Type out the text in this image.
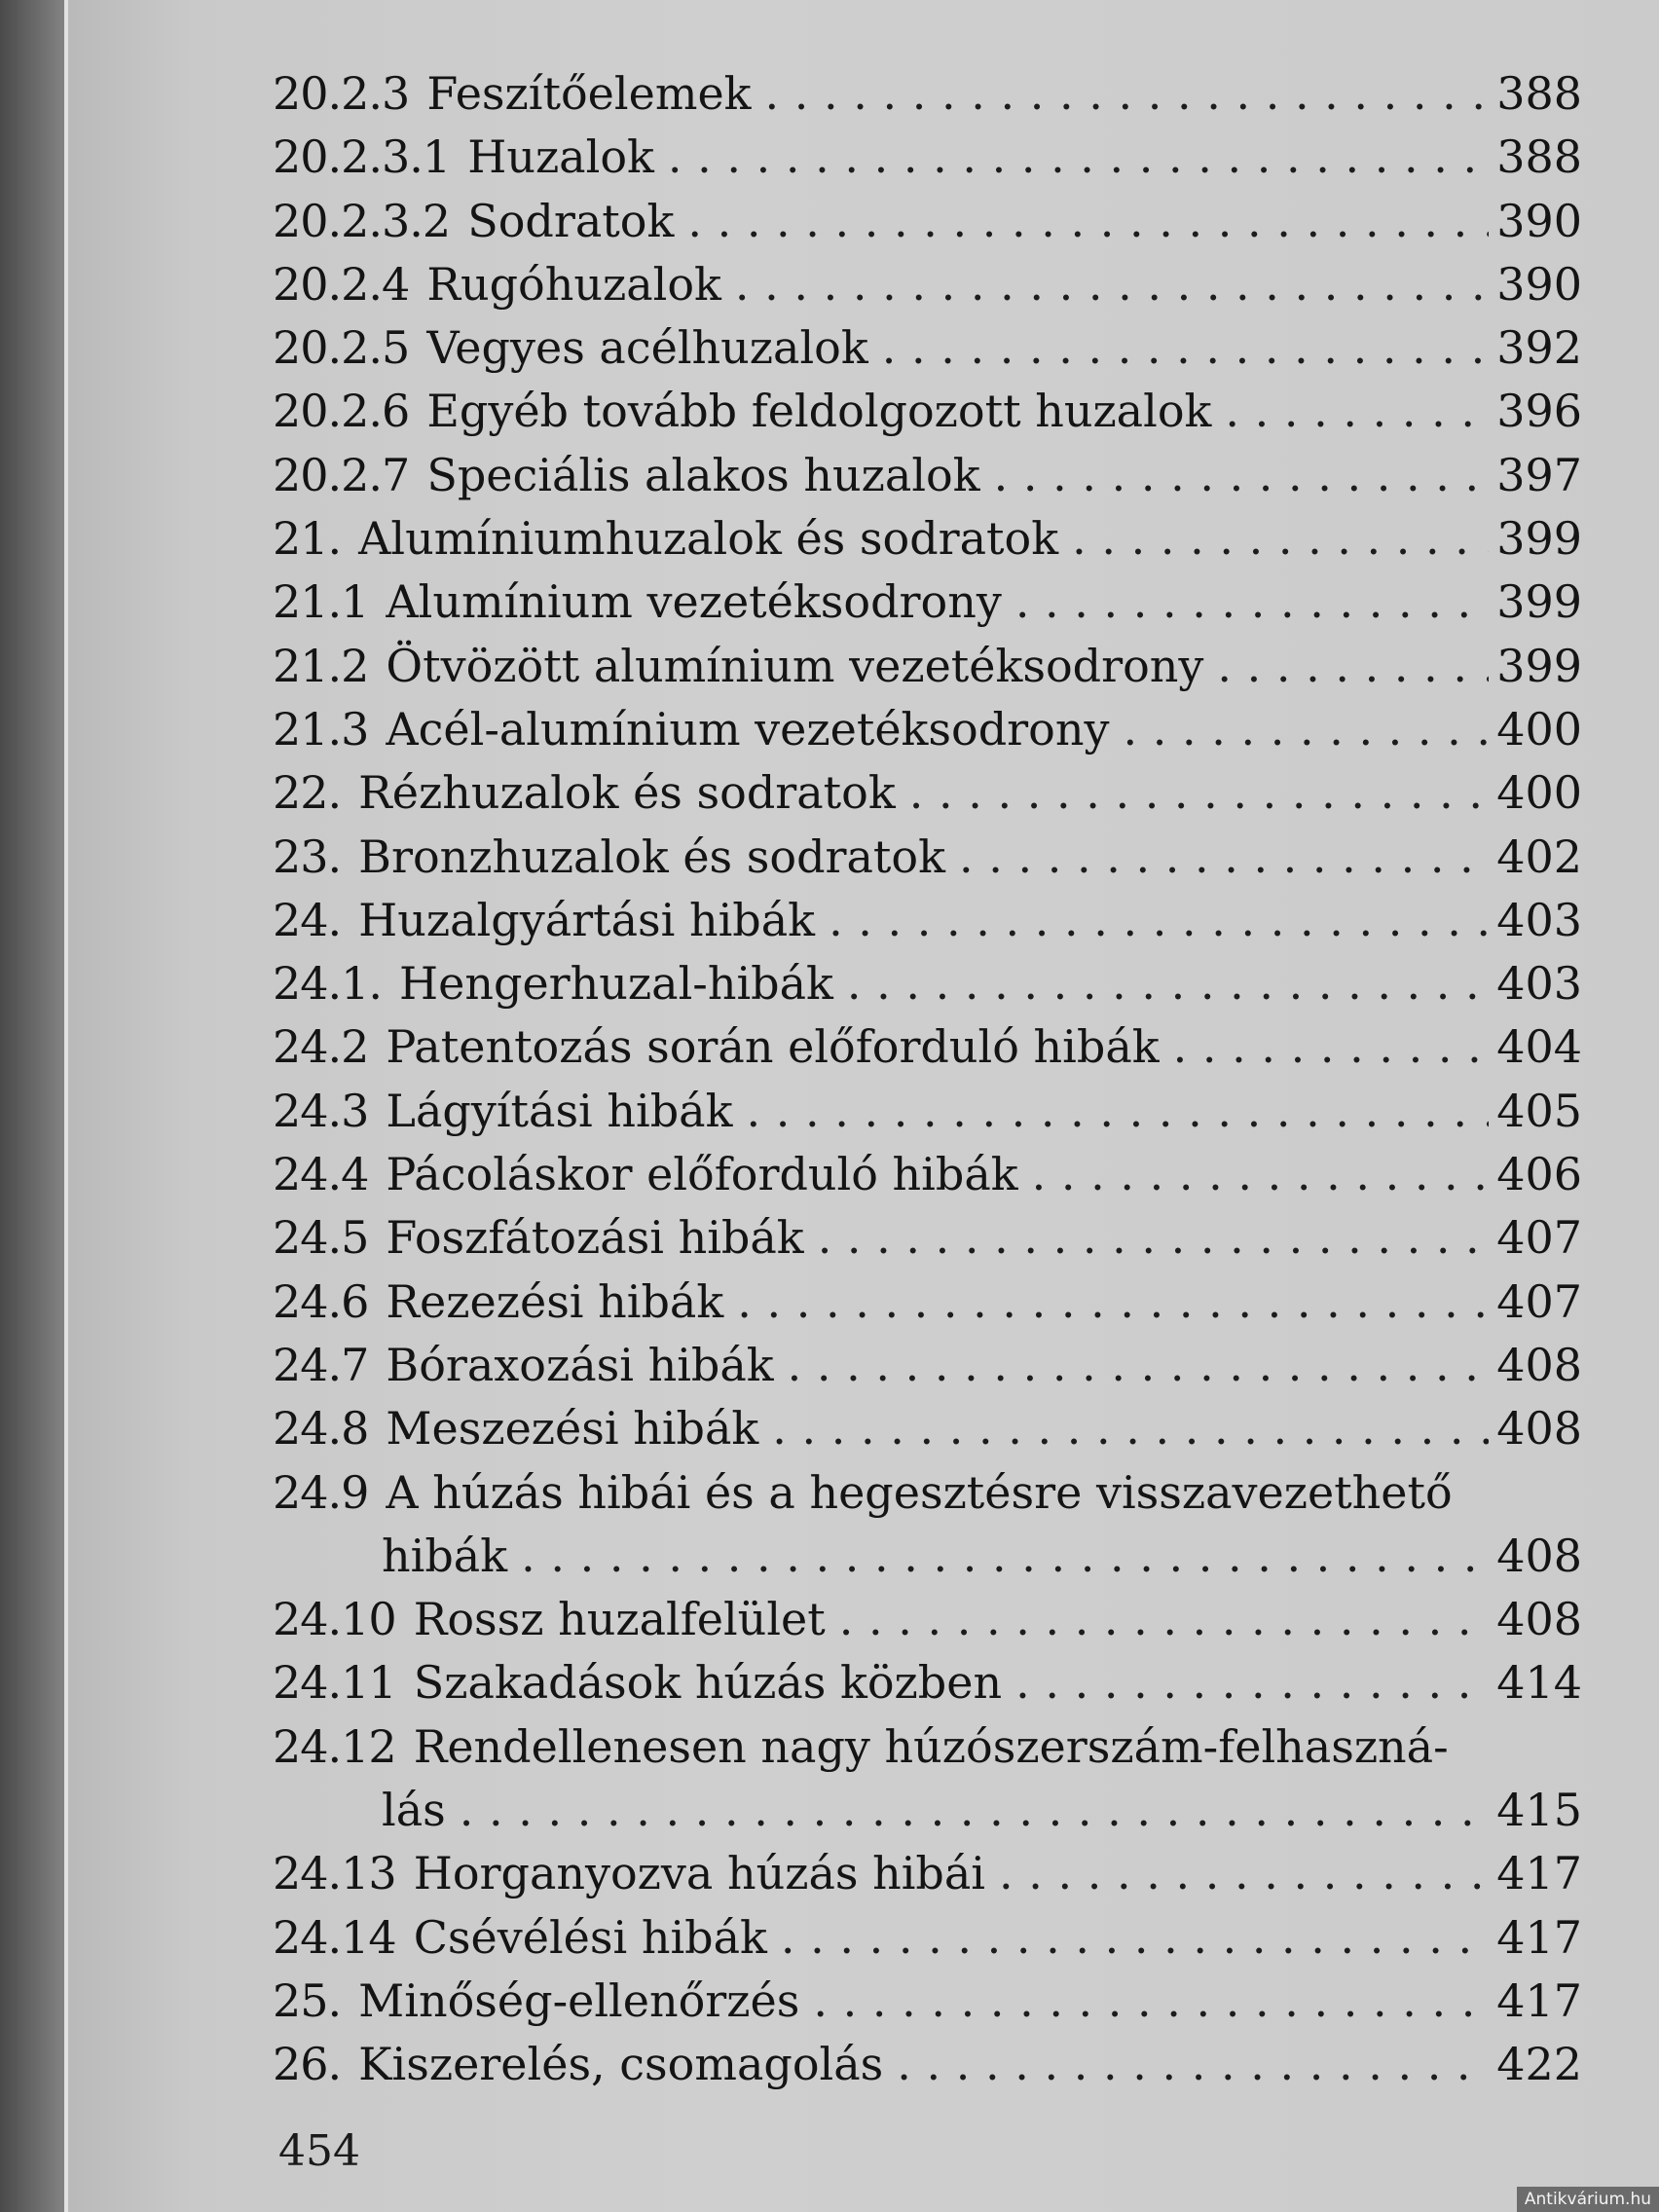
20.2.3 Feszítőelemek . . .	388
20.2.3.1 Huzalok . . .	388
20.2.3.2 Sodratok . . .	390
20.2.4 Rugóhuzalok . . .	390
20.2.5 Vegyes acélhuzalok . . .	392
20.2.6 Egyéb tovább feldolgozott huzalok . . .	396
20.2.7 Speciális alakos huzalok . . .	397
21. Alumíniumhuzalok és sodratok . . .	399
21.1 Alumínium vezetéksodrony . . .	399
21.2 Ötvözött alumínium vezetéksodrony . . .	399
21.3 Acél-alumínium vezetéksodrony . . .	400
22. Rézhuzalok és sodratok . . .	400
23. Bronzhuzalok és sodratok . . .	402
24. Huzalgyártási hibák . . .	403
24.1. Hengerhuzal-hibák . . .	403
24.2 Patentozás során előforduló hibák . . .	404
24.3 Lágyítási hibák . . .	405
24.4 Pácoláskor előforduló hibák . . .	406
24.5 Foszfátozási hibák . . .	407
24.6 Rezezési hibák . . .	407
24.7 Bóraxozási hibák . . .	408
24.8 Meszezési hibák . . .	408
24.9 A húzás hibái és a hegesztésre visszavezethető
hibák . . .	408
24.10 Rossz huzalfelület . . .	408
24.11 Szakadások húzás közben . . .	414
24.12 Rendellenesen nagy húzószerszám-felhaszná-
lás . . .	415
24.13 Horganyozva húzás hibái . . .	417
24.14 Csévélési hibák . . .	417
25. Minőség-ellenőrzés . . .	417
26. Kiszerelés, csomagolás . . .	422
454
Antikvárium.hu
